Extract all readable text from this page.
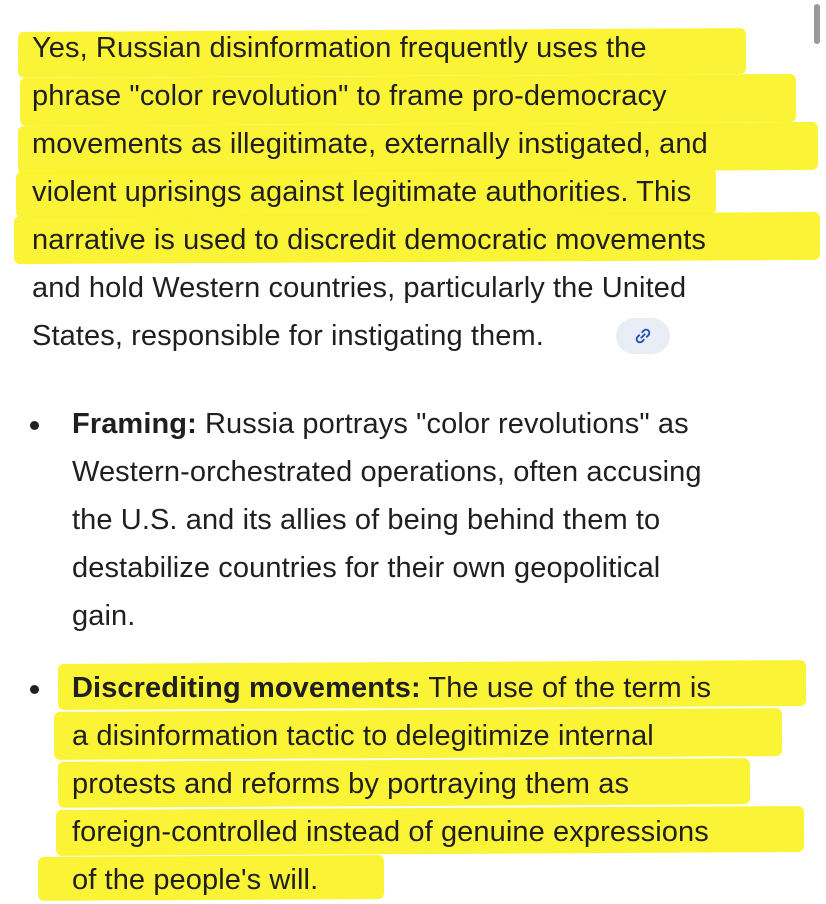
Yes, Russian disinformation frequently uses the
phrase "color revolution" to frame pro-democracy
movements as illegitimate, externally instigated, and
violent uprisings against legitimate authorities. This
narrative is used to discredit democratic movements
and hold Western countries, particularly the United
States, responsible for instigating them.
Framing: Russia portrays "color revolutions" as
Western-orchestrated operations, often accusing
the U.S. and its allies of being behind them to
destabilize countries for their own geopolitical
gain.
Discrediting movements: The use of the term is
a disinformation tactic to delegitimize internal
protests and reforms by portraying them as
foreign-controlled instead of genuine expressions
of the people's will.
